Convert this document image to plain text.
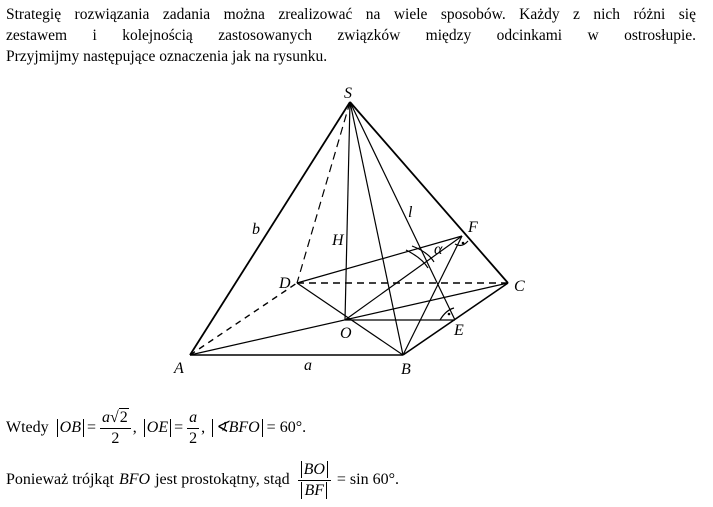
Strategię rozwiązania zadania można zrealizować na wiele sposobów. Każdy z nich różni się
zestawem i kolejnością zastosowanych związków między odcinkami w ostrosłupie.
Przyjmijmy następujące oznaczenia jak na rysunku.
S
A	B
C
D
O	E
F
H
b
l
a
α
Wtedy OB = $\frac{a√2}{2}$ , OE = $\frac{a}{2}$ , ∢BFO = 60°.
Ponieważ trójkąt BFO jest prostokątny, stąd $\frac{BO}{BF} = \sin 60^\circ$.
